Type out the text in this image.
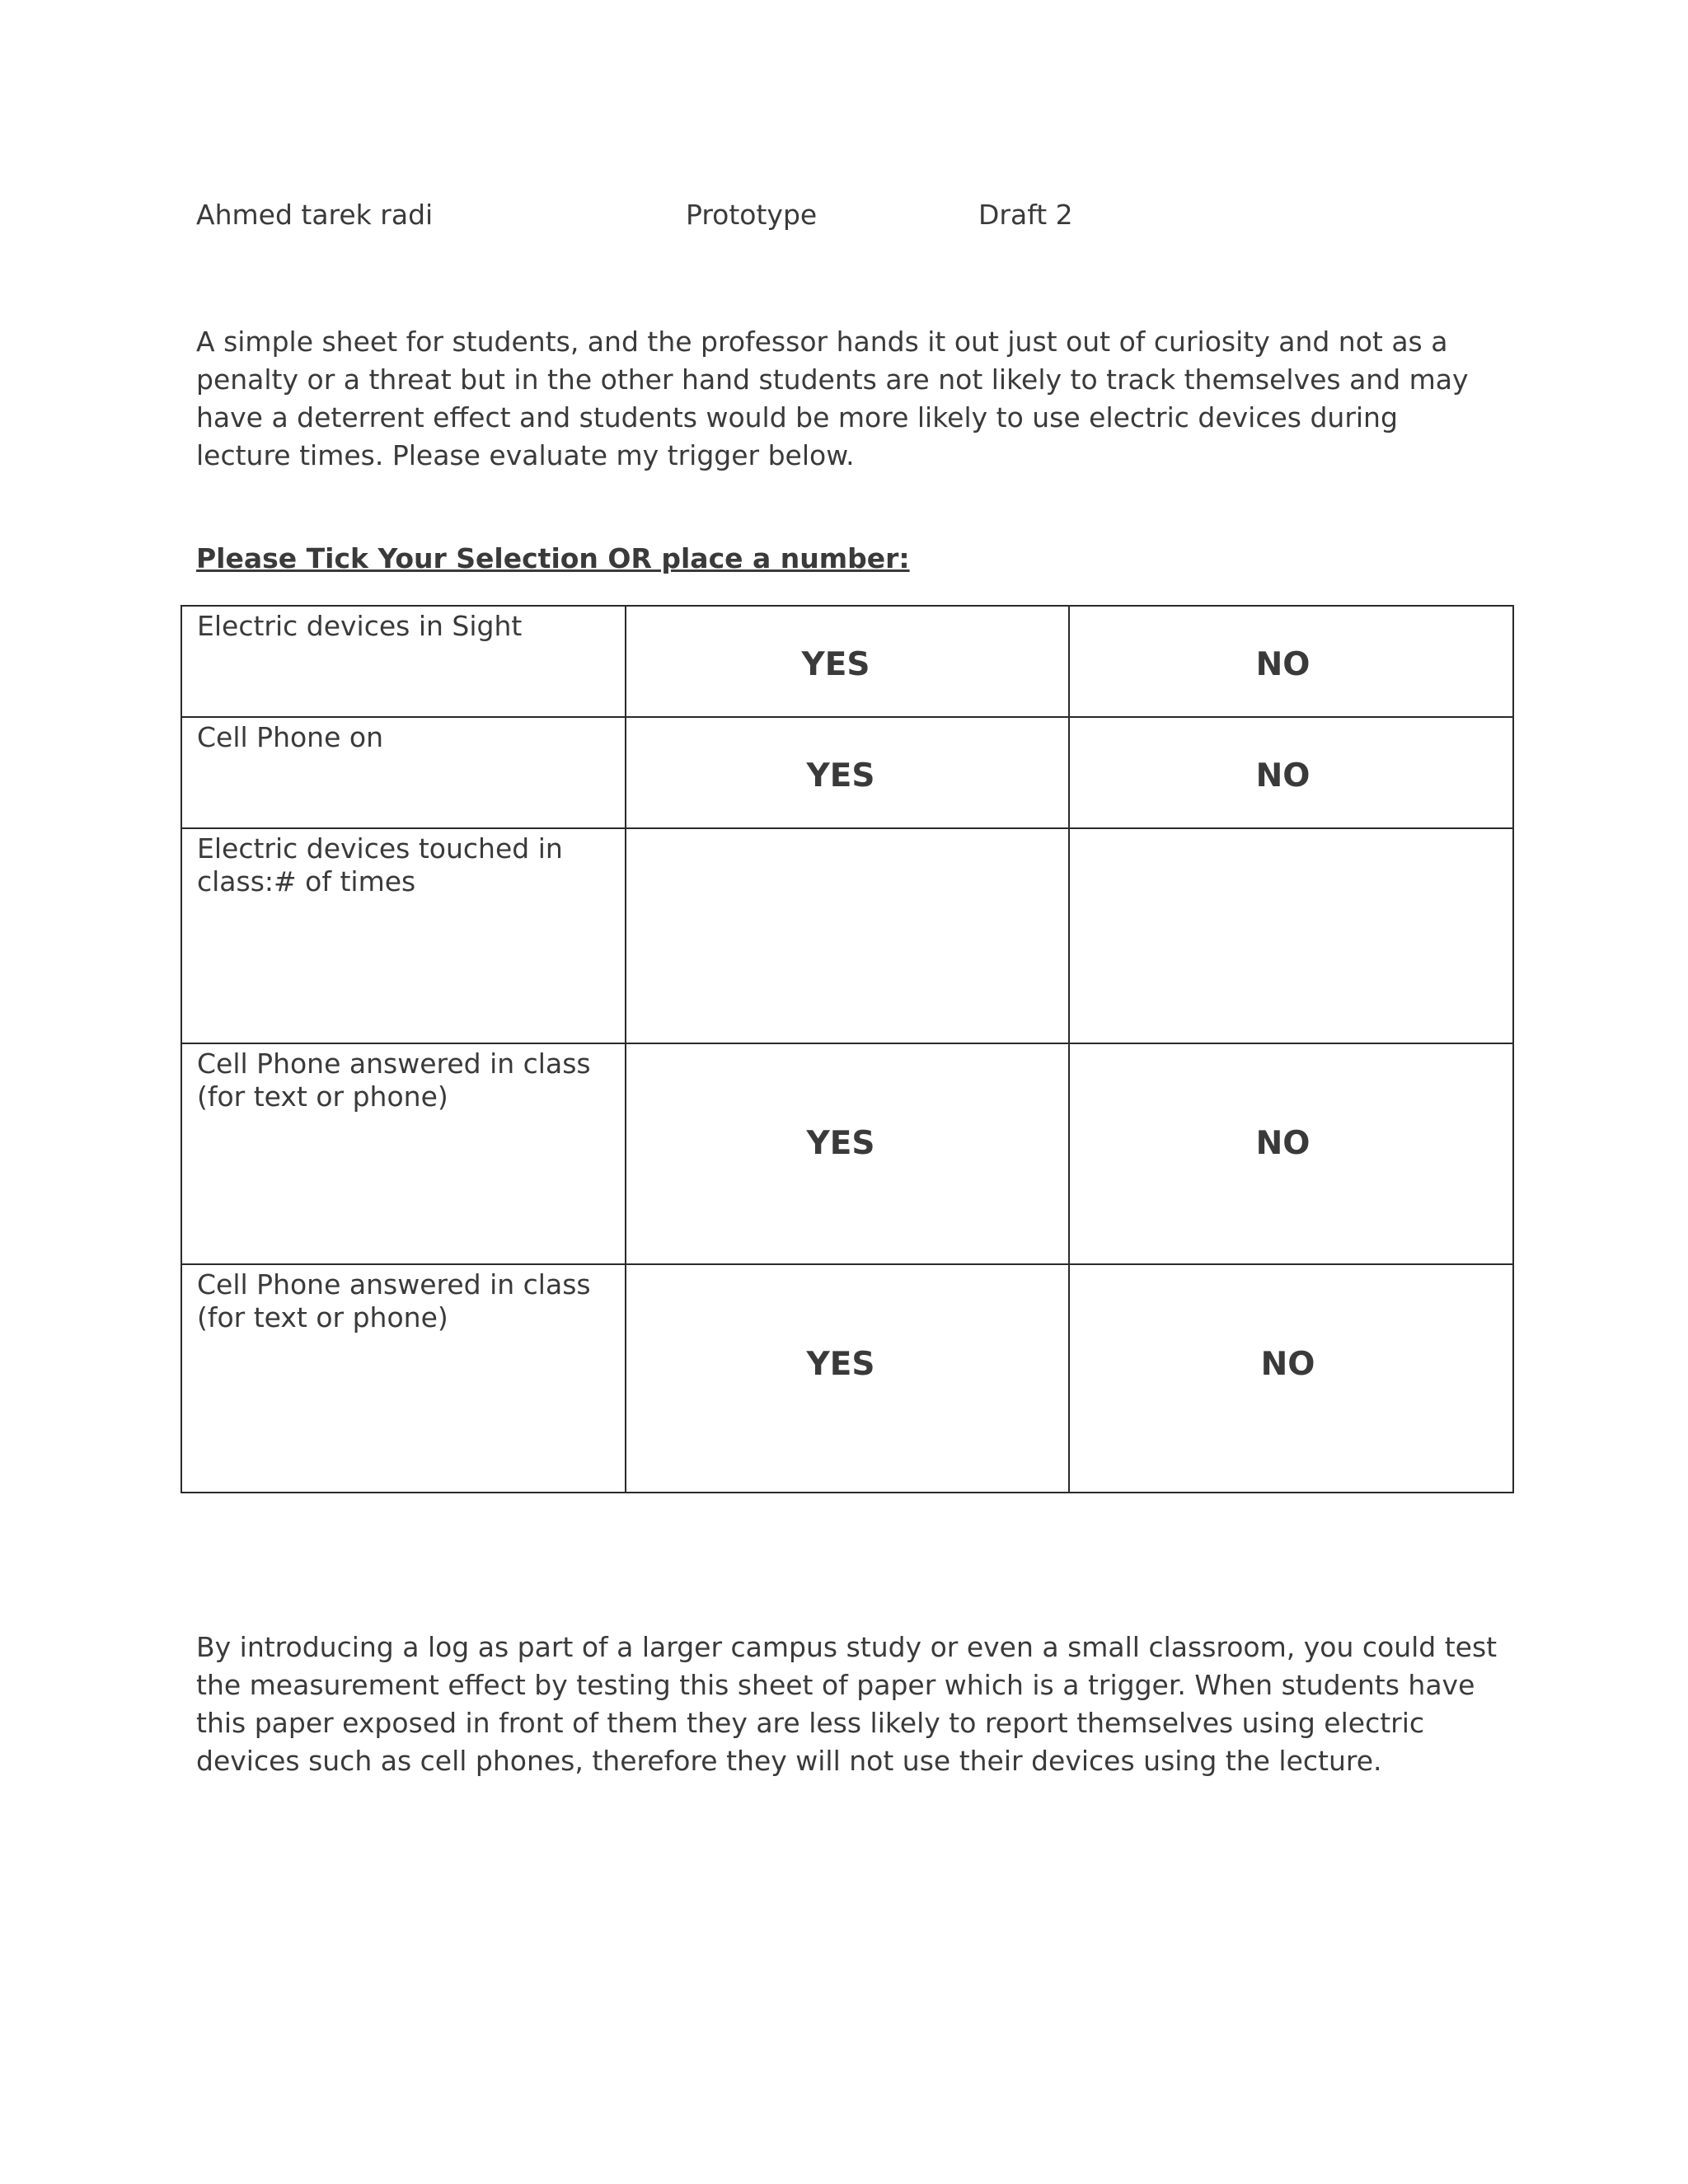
Ahmed tarek radi	Prototype	Draft 2

A simple sheet for students, and the professor hands it out just out of curiosity and not as a penalty or a threat but in the other hand students are not likely to track themselves and may have a deterrent effect and students would be more likely to use electric devices during lecture times. Please evaluate my trigger below.

Please Tick Your Selection OR place a number:

Electric devices in Sight	YES	NO

Cell Phone on	YES	NO

Electric devices touched in class:# of times	

Cell Phone answered in class (for text or phone)	YES	NO

Cell Phone answered in class (for text or phone)	YES	NO

By introducing a log as part of a larger campus study or even a small classroom, you could test the measurement effect by testing this sheet of paper which is a trigger. When students have this paper exposed in front of them they are less likely to report themselves using electric devices such as cell phones, therefore they will not use their devices using the lecture.
